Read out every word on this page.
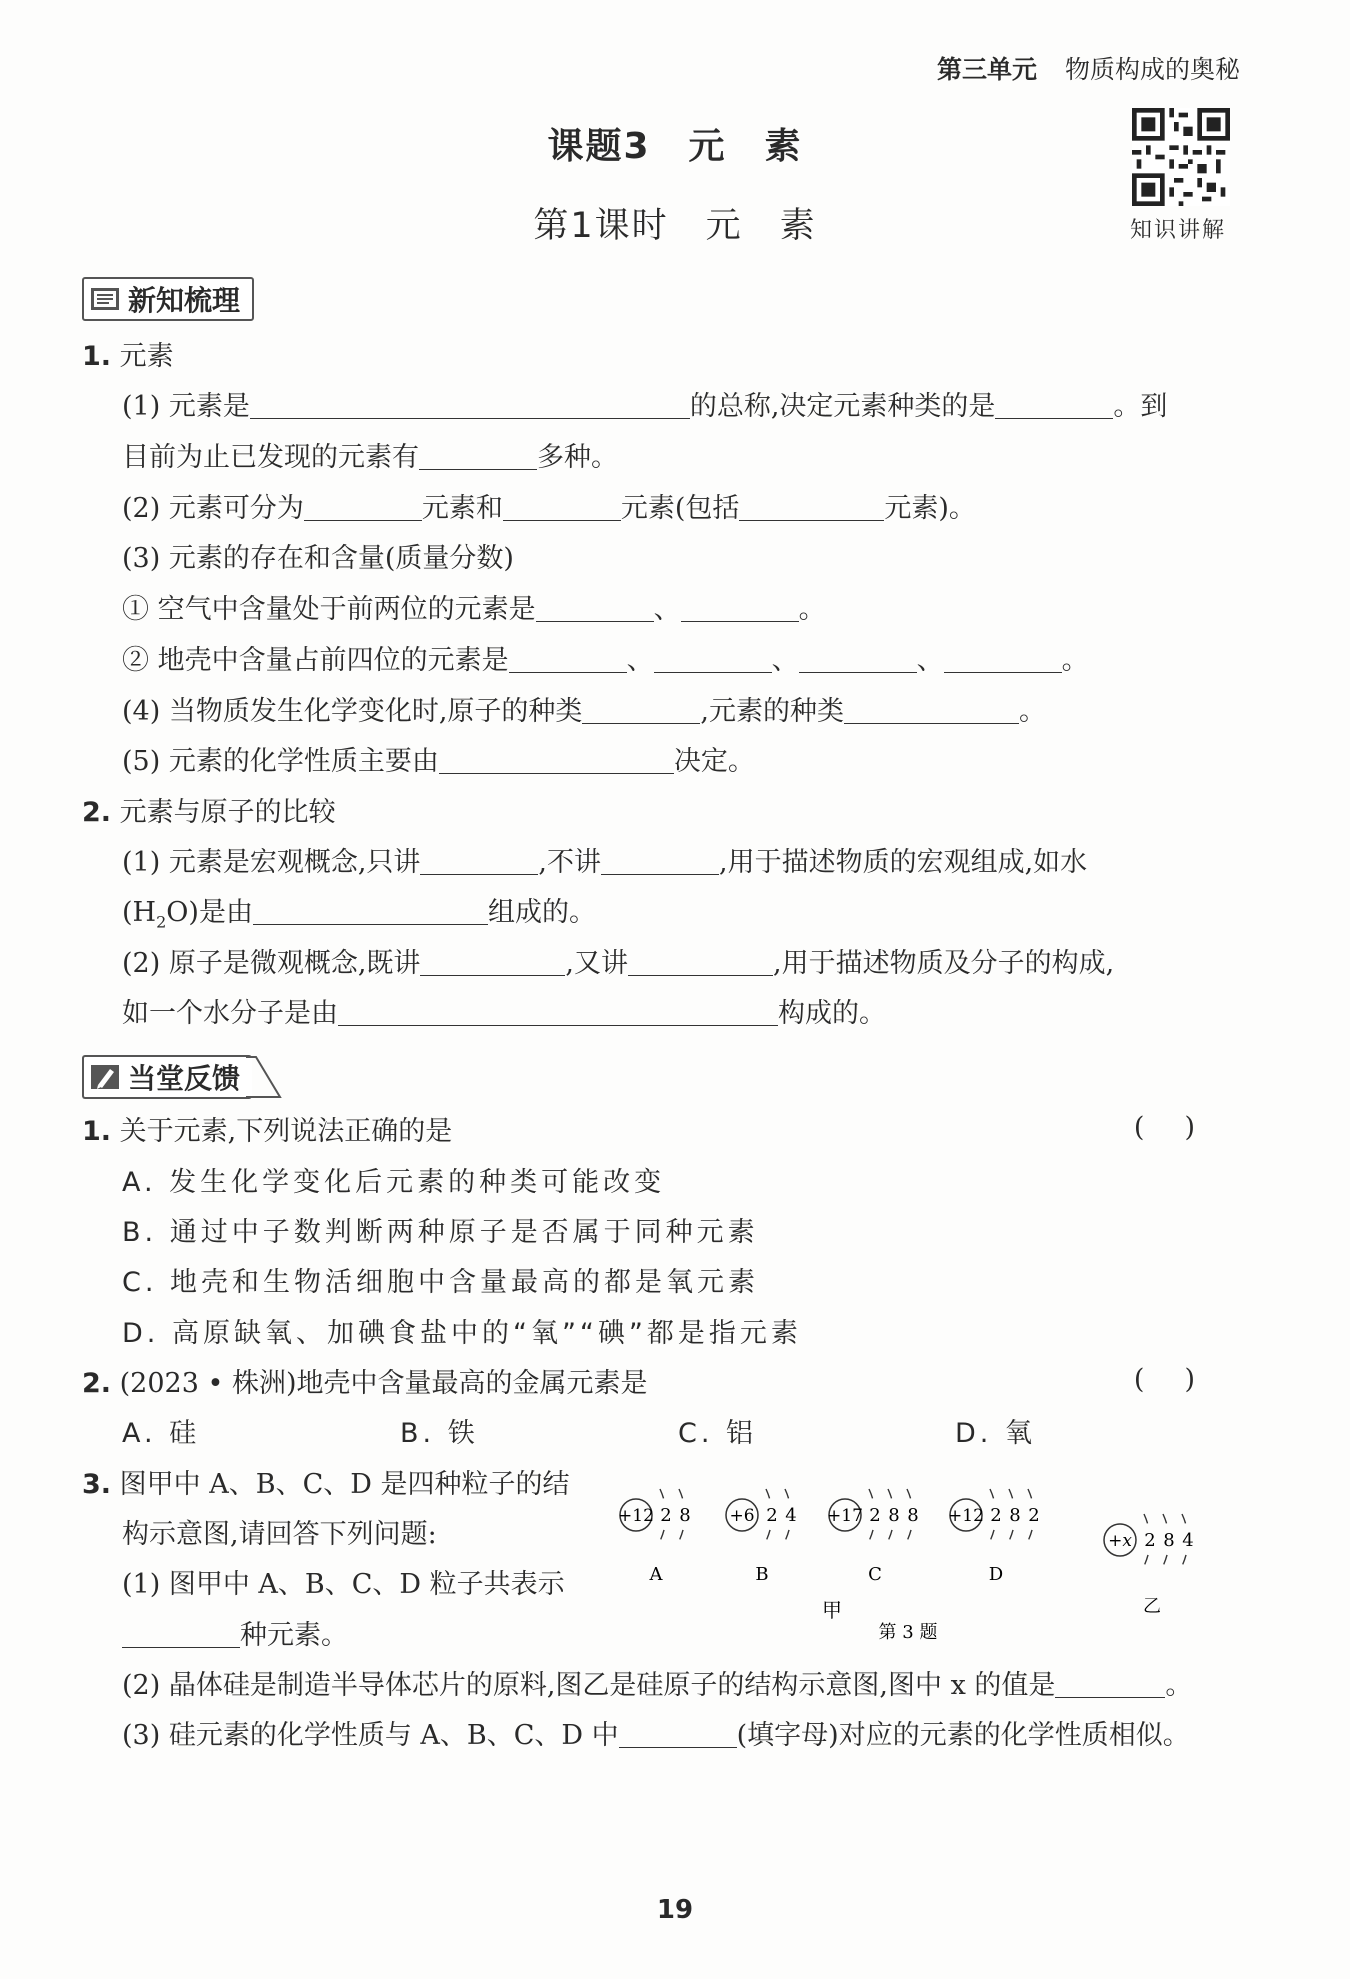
第三单元 物质构成的奥秘
知识讲解
课题3　元　素
第1课时　元　素
新知梳理
1. 元素
(1) 元素是	的总称,决定元素种类的是	。到
目前为止已发现的元素有	多种。
(2) 元素可分为	元素和	元素(包括	元素)。
(3) 元素的存在和含量(质量分数)
① 空气中含量处于前两位的元素是	、	。
② 地壳中含量占前四位的元素是	、	、	、	。
(4) 当物质发生化学变化时,原子的种类	,元素的种类	。
(5) 元素的化学性质主要由	决定。
2. 元素与原子的比较
(1) 元素是宏观概念,只讲	,不讲	,用于描述物质的宏观组成,如水
$(H_2O)$是由	组成的。
(2) 原子是微观概念,既讲	,又讲	,用于描述物质及分子的构成,
如一个水分子是由	构成的。
当堂反馈
1. 关于元素,下列说法正确的是	()
A. 发生化学变化后元素的种类可能改变
B. 通过中子数判断两种原子是否属于同种元素
C. 地壳和生物活细胞中含量最高的都是氧元素
D. 高原缺氧、加碘食盐中的“氧”“碘”都是指元素
2. (2023 • 株洲)地壳中含量最高的金属元素是	()
A. 硅	B. 铁	C. 铝	D. 氧
3. 图甲中 A、B、C、D 是四种粒子的结
构示意图,请回答下列问题:
(1) 图甲中 A、B、C、D 粒子共表示
种元素。
+12 2 8
A
+6 2 4
B
+17 2 8 8
C
+12 2 8 2
D
+x 2 8 4
乙
甲
第 3 题
(2) 晶体硅是制造半导体芯片的原料,图乙是硅原子的结构示意图,图中 x 的值是	。
(3) 硅元素的化学性质与 A、B、C、D 中	(填字母)对应的元素的化学性质相似。
19
